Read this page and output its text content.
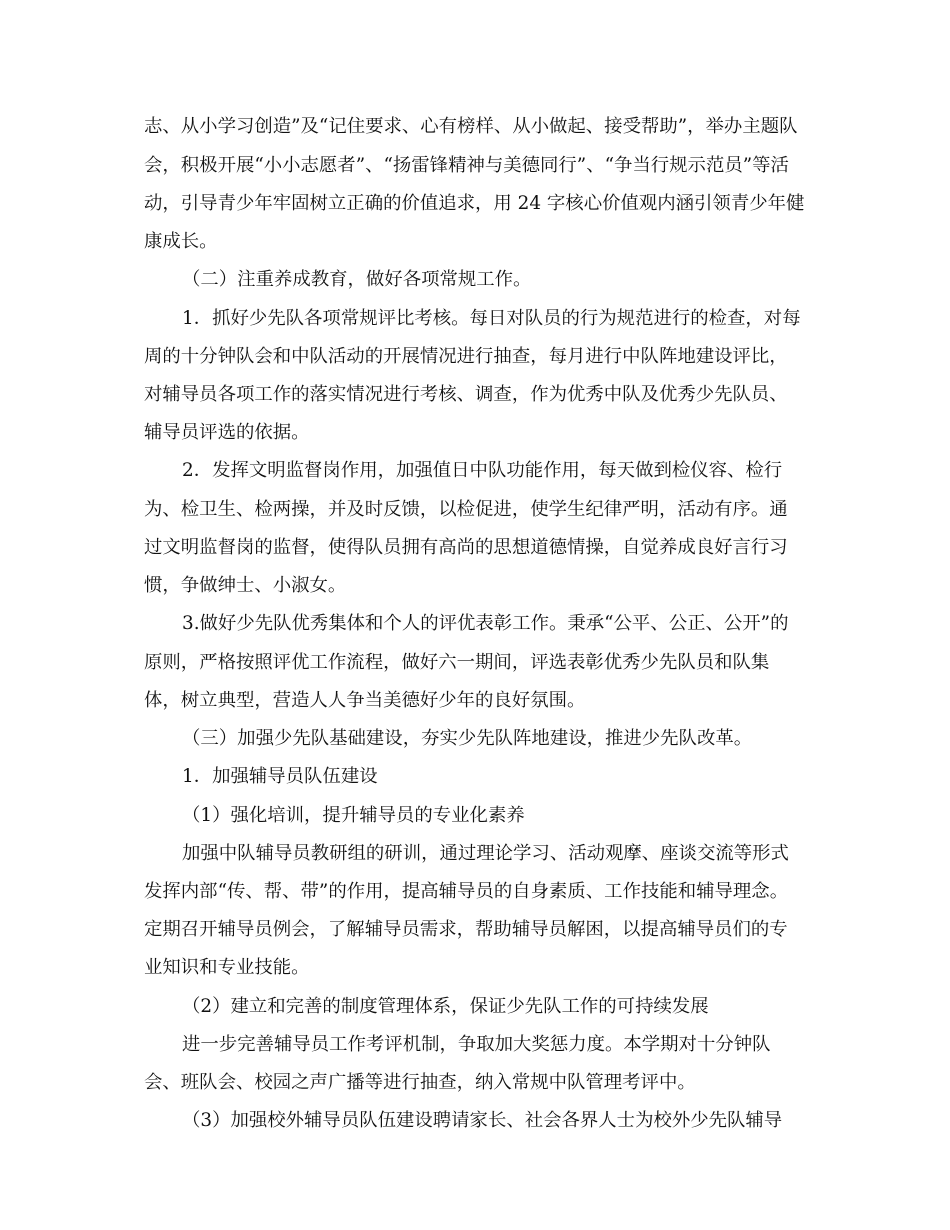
志、从小学习创造”及“记住要求、心有榜样、从小做起、接受帮助”，举办主题队

会，积极开展“小小志愿者”、“扬雷锋精神与美德同行”、“争当行规示范员”等活

动，引导青少年牢固树立正确的价值追求，用 24 字核心价值观内涵引领青少年健

康成长。

（二）注重养成教育，做好各项常规工作。

1．抓好少先队各项常规评比考核。每日对队员的行为规范进行的检查，对每

周的十分钟队会和中队活动的开展情况进行抽查，每月进行中队阵地建设评比，

对辅导员各项工作的落实情况进行考核、调查，作为优秀中队及优秀少先队员、

辅导员评选的依据。

2．发挥文明监督岗作用，加强值日中队功能作用，每天做到检仪容、检行

为、检卫生、检两操，并及时反馈，以检促进，使学生纪律严明，活动有序。通

过文明监督岗的监督，使得队员拥有高尚的思想道德情操，自觉养成良好言行习

惯，争做绅士、小淑女。

3.做好少先队优秀集体和个人的评优表彰工作。秉承“公平、公正、公开”的

原则，严格按照评优工作流程，做好六一期间，评选表彰优秀少先队员和队集

体，树立典型，营造人人争当美德好少年的良好氛围。

（三）加强少先队基础建设，夯实少先队阵地建设，推进少先队改革。

1．加强辅导员队伍建设

（1）强化培训，提升辅导员的专业化素养

加强中队辅导员教研组的研训，通过理论学习、活动观摩、座谈交流等形式

发挥内部“传、帮、带”的作用，提高辅导员的自身素质、工作技能和辅导理念。

定期召开辅导员例会，了解辅导员需求，帮助辅导员解困，以提高辅导员们的专

业知识和专业技能。

（2）建立和完善的制度管理体系，保证少先队工作的可持续发展

进一步完善辅导员工作考评机制，争取加大奖惩力度。本学期对十分钟队

会、班队会、校园之声广播等进行抽查，纳入常规中队管理考评中。

（3）加强校外辅导员队伍建设聘请家长、社会各界人士为校外少先队辅导
